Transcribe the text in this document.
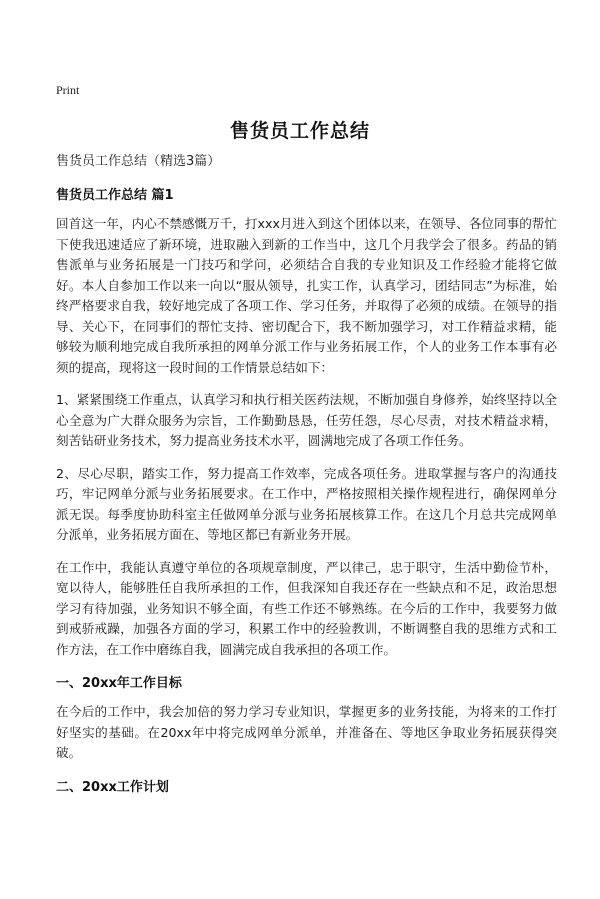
Print
售货员工作总结
售货员工作总结（精选3篇）
售货员工作总结 篇1

回首这一年，内心不禁感慨万千，打xxx月进入到这个团体以来，在领导、各位同事的帮忙下使我迅速适应了新环境，进取融入到新的工作当中，这几个月我学会了很多。药品的销售派单与业务拓展是一门技巧和学问，必须结合自我的专业知识及工作经验才能将它做好。本人自参加工作以来一向以“服从领导，扎实工作，认真学习，团结同志”为标准，始终严格要求自我，较好地完成了各项工作、学习任务，并取得了必须的成绩。在领导的指导、关心下，在同事们的帮忙支持、密切配合下，我不断加强学习，对工作精益求精，能够较为顺利地完成自我所承担的网单分派工作与业务拓展工作，个人的业务工作本事有必须的提高，现将这一段时间的工作情景总结如下：

1、紧紧围绕工作重点，认真学习和执行相关医药法规，不断加强自身修养，始终坚持以全心全意为广大群众服务为宗旨，工作勤勤恳恳，任劳任怨，尽心尽责，对技术精益求精，刻苦钻研业务技术，努力提高业务技术水平，圆满地完成了各项工作任务。

2、尽心尽职，踏实工作，努力提高工作效率，完成各项任务。进取掌握与客户的沟通技巧，牢记网单分派与业务拓展要求。在工作中，严格按照相关操作规程进行，确保网单分派无误。每季度协助科室主任做网单分派与业务拓展核算工作。在这几个月总共完成网单分派单，业务拓展方面在、等地区都已有新业务开展。

在工作中，我能认真遵守单位的各项规章制度，严以律己，忠于职守，生活中勤俭节朴，宽以待人，能够胜任自我所承担的工作，但我深知自我还存在一些缺点和不足，政治思想学习有待加强，业务知识不够全面，有些工作还不够熟练。在今后的工作中，我要努力做到戒骄戒躁，加强各方面的学习，积累工作中的经验教训，不断调整自我的思维方式和工作方法，在工作中磨练自我，圆满完成自我承担的各项工作。

一、20xx年工作目标

在今后的工作中，我会加倍的努力学习专业知识，掌握更多的业务技能，为将来的工作打好坚实的基础。在20xx年中将完成网单分派单，并准备在、等地区争取业务拓展获得突破。

二、20xx工作计划
